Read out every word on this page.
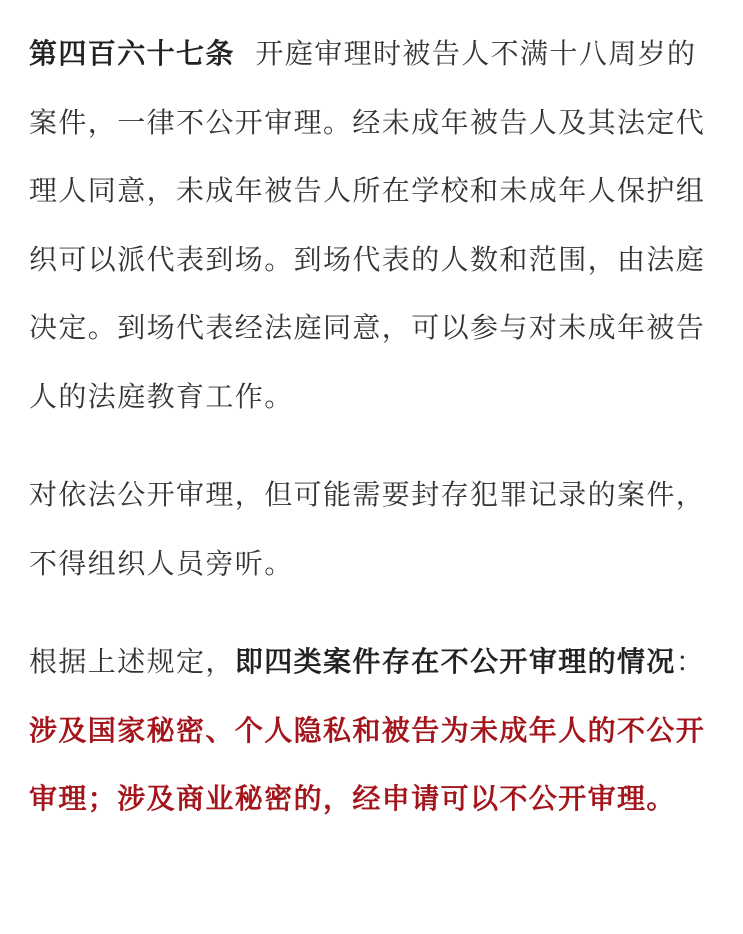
第四百六十七条 开庭审理时被告人不满十八周岁的案件，一律不公开审理。经未成年被告人及其法定代理人同意，未成年被告人所在学校和未成年人保护组织可以派代表到场。到场代表的人数和范围，由法庭决定。到场代表经法庭同意，可以参与对未成年被告人的法庭教育工作。

对依法公开审理，但可能需要封存犯罪记录的案件，不得组织人员旁听。

根据上述规定，即四类案件存在不公开审理的情况：涉及国家秘密、个人隐私和被告为未成年人的不公开审理；涉及商业秘密的，经申请可以不公开审理。
